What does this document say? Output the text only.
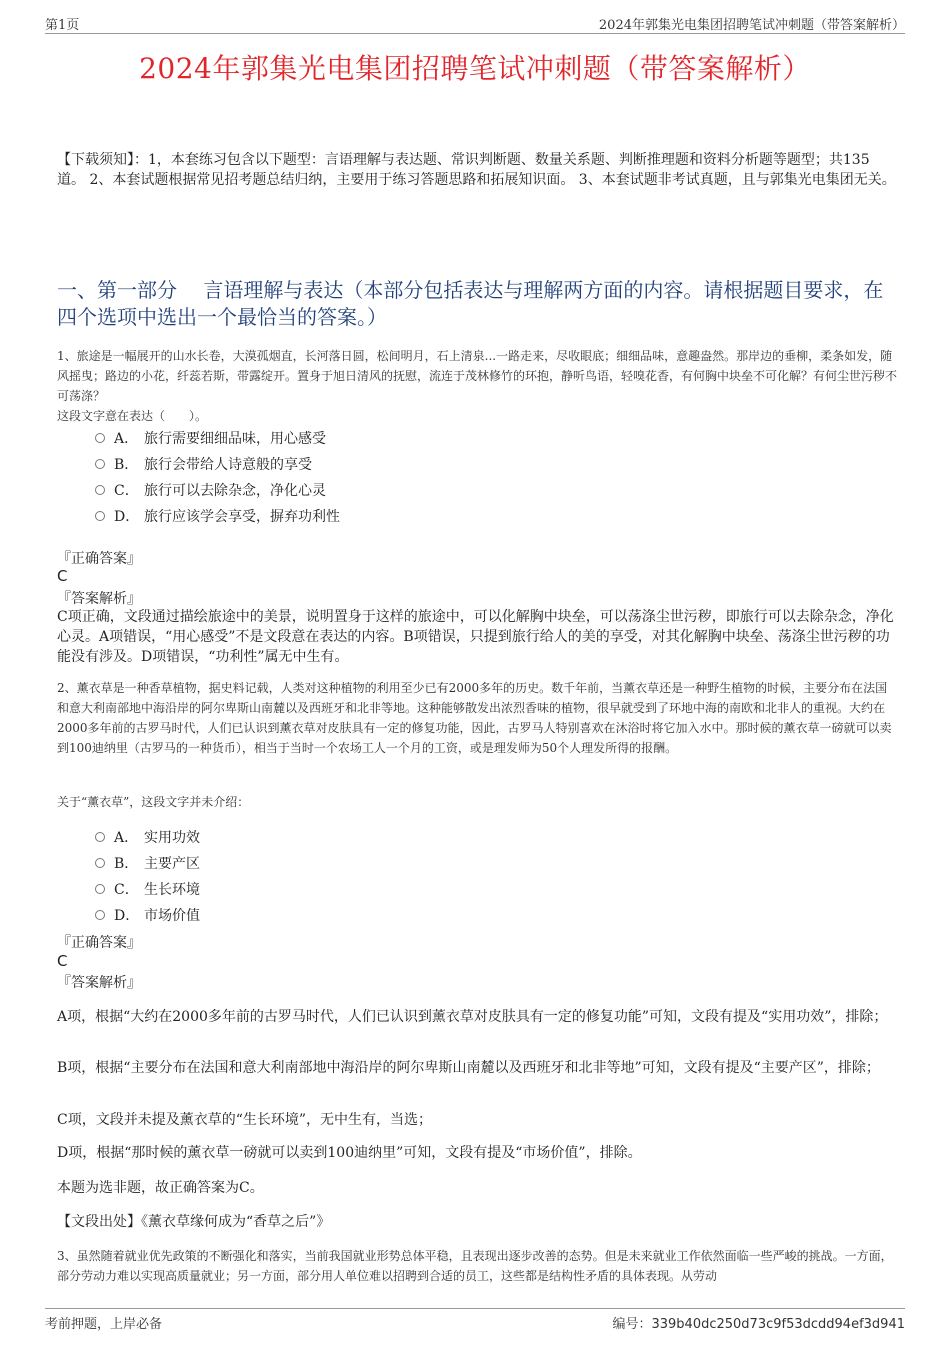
第1页	2024年郭集光电集团招聘笔试冲刺题（带答案解析）
2024年郭集光电集团招聘笔试冲刺题（带答案解析）
【下载须知】：1，本套练习包含以下题型：言语理解与表达题、常识判断题、数量关系题、判断推理题和资料分析题等题型；共135道。 2、本套试题根据常见招考题总结归纳，主要用于练习答题思路和拓展知识面。 3、本套试题非考试真题，且与郭集光电集团无关。
一、第一部分　 言语理解与表达（本部分包括表达与理解两方面的内容。请根据题目要求，在四个选项中选出一个最恰当的答案。）
1、旅途是一幅展开的山水长卷，大漠孤烟直，长河落日圆，松间明月，石上清泉...一路走来，尽收眼底；细细品味，意趣盎然。那岸边的垂柳，柔条如发，随风摇曳；路边的小花，纤蕊若斯，带露绽开。置身于旭日清风的抚慰，流连于茂林修竹的环抱，静听鸟语，轻嗅花香，有何胸中块垒不可化解？有何尘世污秽不可荡涤？
这段文字意在表达（　　）。
A． 旅行需要细细品味，用心感受
B． 旅行会带给人诗意般的享受
C． 旅行可以去除杂念，净化心灵
D． 旅行应该学会享受，摒弃功利性
『正确答案』
C
『答案解析』
C项正确，文段通过描绘旅途中的美景，说明置身于这样的旅途中，可以化解胸中块垒，可以荡涤尘世污秽，即旅行可以去除杂念，净化心灵。A项错误，“用心感受”不是文段意在表达的内容。B项错误，只提到旅行给人的美的享受，对其化解胸中块垒、荡涤尘世污秽的功能没有涉及。D项错误，“功利性”属无中生有。
2、薰衣草是一种香草植物，据史料记载，人类对这种植物的利用至少已有2000多年的历史。数千年前，当薰衣草还是一种野生植物的时候，主要分布在法国和意大利南部地中海沿岸的阿尔卑斯山南麓以及西班牙和北非等地。这种能够散发出浓烈香味的植物，很早就受到了环地中海的南欧和北非人的重视。大约在2000多年前的古罗马时代，人们已认识到薰衣草对皮肤具有一定的修复功能，因此，古罗马人特别喜欢在沐浴时将它加入水中。那时候的薰衣草一磅就可以卖到100迪纳里（古罗马的一种货币），相当于当时一个农场工人一个月的工资，或是理发师为50个人理发所得的报酬。
关于“薰衣草”，这段文字并未介绍：
A． 实用功效
B． 主要产区
C． 生长环境
D． 市场价值
『正确答案』
C
『答案解析』
A项，根据“大约在2000多年前的古罗马时代，人们已认识到薰衣草对皮肤具有一定的修复功能”可知，文段有提及“实用功效”，排除；
B项，根据“主要分布在法国和意大利南部地中海沿岸的阿尔卑斯山南麓以及西班牙和北非等地”可知，文段有提及“主要产区”，排除；
C项，文段并未提及薰衣草的“生长环境”，无中生有，当选；
D项，根据“那时候的薰衣草一磅就可以卖到100迪纳里”可知，文段有提及“市场价值”，排除。
本题为选非题，故正确答案为C。
【文段出处】《薰衣草缘何成为“香草之后”》
3、虽然随着就业优先政策的不断强化和落实，当前我国就业形势总体平稳，且表现出逐步改善的态势。但是未来就业工作依然面临一些严峻的挑战。一方面，部分劳动力难以实现高质量就业；另一方面，部分用人单位难以招聘到合适的员工，这些都是结构性矛盾的具体表现。从劳动
考前押题，上岸必备	编号：339b40dc250d73c9f53dcdd94ef3d941
